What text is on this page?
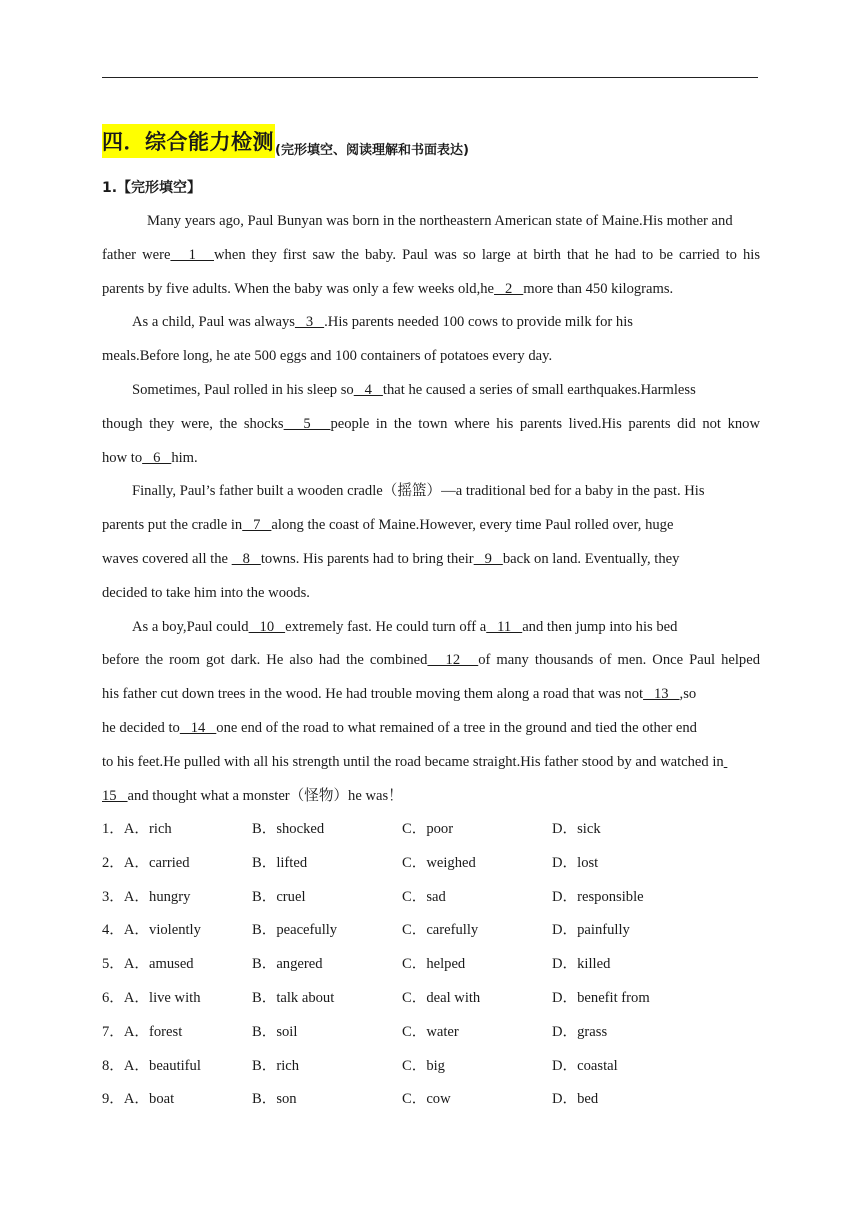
四．综合能力检测(完形填空、阅读理解和书面表达)
1.【完形填空】
Many years ago, Paul Bunyan was born in the northeastern American state of Maine.His mother and
father were   1   when they first saw the baby. Paul was so large at birth that he had to be carried to his
parents by five adults. When the baby was only a few weeks old,he   2   more than 450 kilograms.
As a child, Paul was always   3   .His parents needed 100 cows to provide milk for his
meals.Before long, he ate 500 eggs and 100 containers of potatoes every day.
Sometimes, Paul rolled in his sleep so   4   that he caused a series of small earthquakes.Harmless
though they were, the shocks   5   people in the town where his parents lived.His parents did not know
how to   6   him.
Finally, Paul’s father built a wooden cradle（摇篮）—a traditional bed for a baby in the past. His
parents put the cradle in   7   along the coast of Maine.However, every time Paul rolled over, huge
waves covered all the    8   towns. His parents had to bring their   9   back on land. Eventually, they
decided to take him into the woods.
As a boy,Paul could   10   extremely fast. He could turn off a   11   and then jump into his bed
before the room got dark. He also had the combined   12   of many thousands of men. Once Paul helped
his father cut down trees in the wood. He had trouble moving them along a road that was not   13   ,so
he decided to   14   one end of the road to what remained of a tree in the ground and tied the other end
to his feet.He pulled with all his strength until the road became straight.His father stood by and watched in
15   and thought what a monster（怪物）he was！
1．A．rich	B．shocked	C．poor	D．sick
2．A．carried	B．lifted	C．weighed	D．lost
3．A．hungry	B．cruel	C．sad	D．responsible
4．A．violently	B．peacefully	C．carefully	D．painfully
5．A．amused	B．angered	C．helped	D．killed
6．A．live with	B．talk about	C．deal with	D．benefit from
7．A．forest	B．soil	C．water	D．grass
8．A．beautiful	B．rich	C．big	D．coastal
9．A．boat	B．son	C．cow	D．bed
